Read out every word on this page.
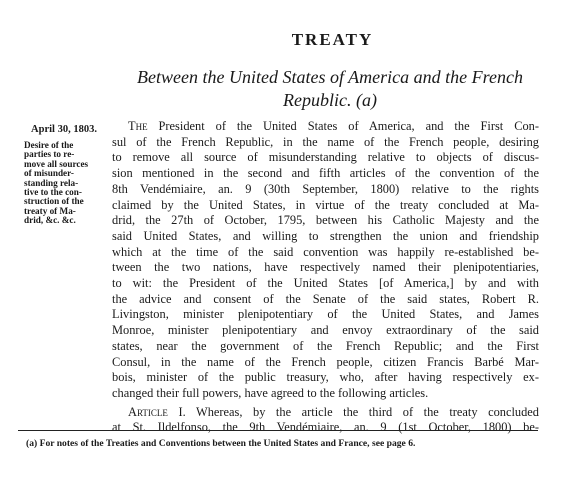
TREATY
Between the United States of America and the French Republic. (a)
April 30, 1803.
Desire of the
parties to re-
move all sources
of misunder-
standing rela-
tive to the con-
struction of the
treaty of Ma-
drid, &c. &c.
The President of the United States of America, and the First Con-
sul of the French Republic, in the name of the French people, desiring
to remove all source of misunderstanding relative to objects of discus-
sion mentioned in the second and fifth articles of the convention of the
8th Vendémiaire, an. 9 (30th September, 1800) relative to the rights
claimed by the United States, in virtue of the treaty concluded at Ma-
drid, the 27th of October, 1795, between his Catholic Majesty and the
said United States, and willing to strengthen the union and friendship
which at the time of the said convention was happily re-established be-
tween the two nations, have respectively named their plenipotentiaries,
to wit: the President of the United States [of America,] by and with
the advice and consent of the Senate of the said states, Robert R.
Livingston, minister plenipotentiary of the United States, and James
Monroe, minister plenipotentiary and envoy extraordinary of the said
states, near the government of the French Republic; and the First
Consul, in the name of the French people, citizen Francis Barbé Mar-
bois, minister of the public treasury, who, after having respectively ex-
changed their full powers, have agreed to the following articles.
Article I. Whereas, by the article the third of the treaty concluded
at St. Ildelfonso, the 9th Vendémiaire, an. 9 (1st October, 1800) be-
(a) For notes of the Treaties and Conventions between the United States and France, see page 6.
